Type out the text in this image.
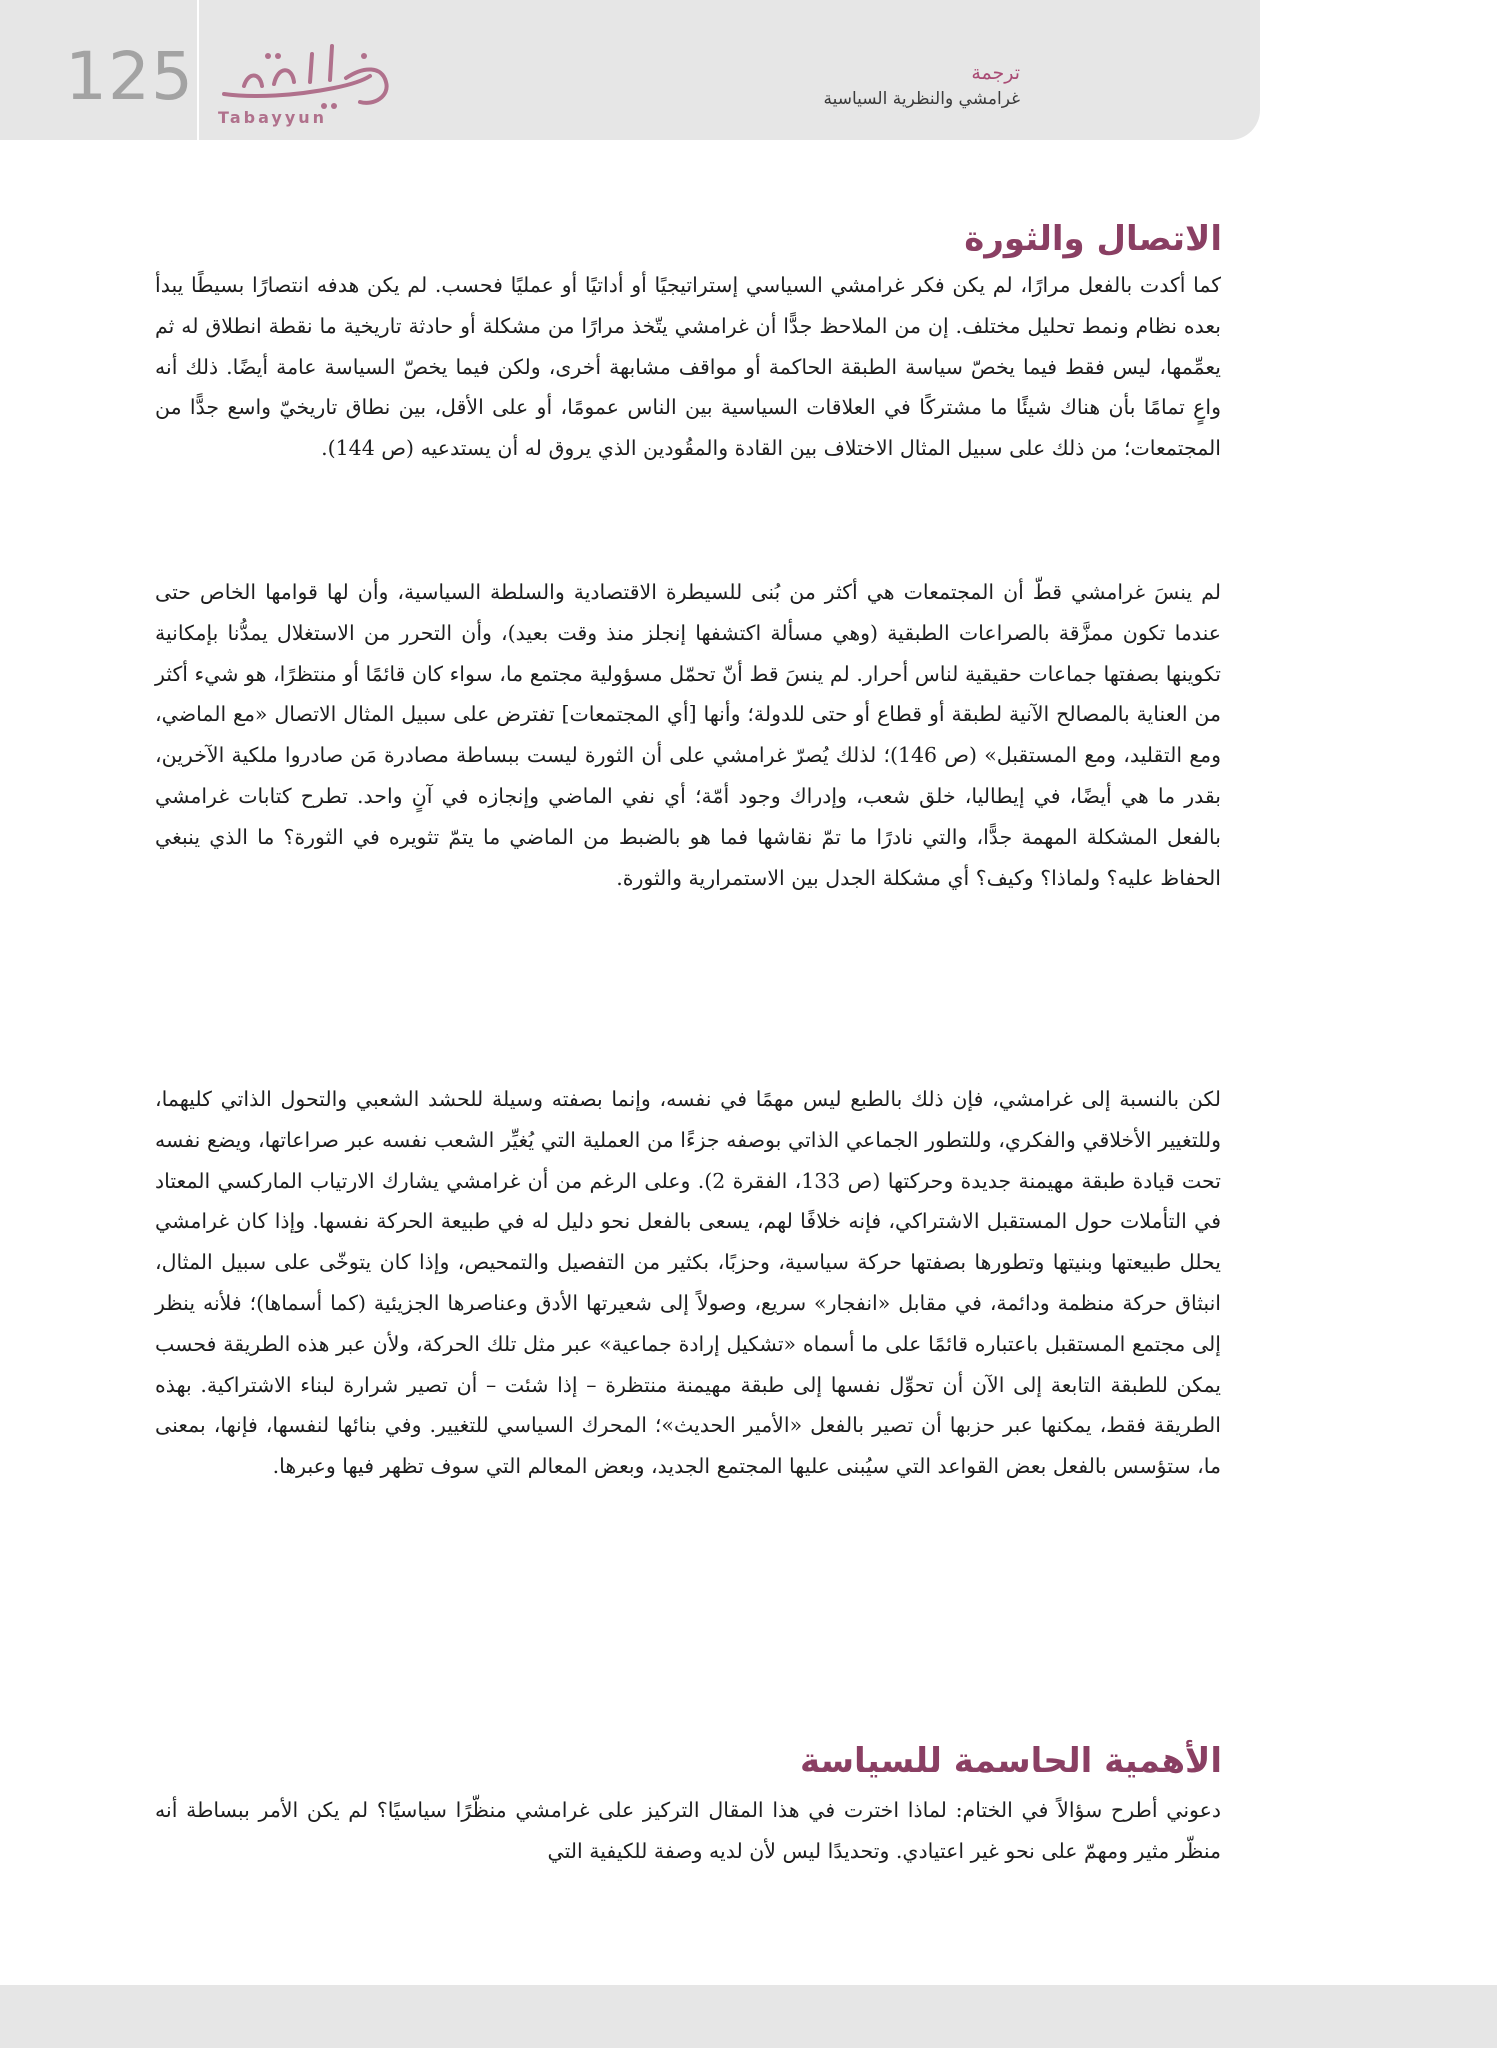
125
Tabayyun
ترجمة
غرامشي والنظرية السياسية
الاتصال والثورة

كما أكدت بالفعل مرارًا، لم يكن فكر غرامشي السياسي إستراتيجيًا أو أداتيًا أو عمليًا فحسب. لم يكن هدفه انتصارًا بسيطًا يبدأ بعده نظام ونمط تحليل مختلف. إن من الملاحظ جدًّا أن غرامشي يتّخذ مرارًا من مشكلة أو حادثة تاريخية ما نقطة انطلاق له ثم يعمِّمها، ليس فقط فيما يخصّ سياسة الطبقة الحاكمة أو مواقف مشابهة أخرى، ولكن فيما يخصّ السياسة عامة أيضًا. ذلك أنه واعٍ تمامًا بأن هناك شيئًا ما مشتركًا في العلاقات السياسية بين الناس عمومًا، أو على الأقل، بين نطاق تاريخيّ واسع جدًّا من المجتمعات؛ من ذلك على سبيل المثال الاختلاف بين القادة والمقُودين الذي يروق له أن يستدعيه (ص 144).

لم ينسَ غرامشي قطّ أن المجتمعات هي أكثر من بُنى للسيطرة الاقتصادية والسلطة السياسية، وأن لها قوامها الخاص حتى عندما تكون ممزَّقة بالصراعات الطبقية (وهي مسألة اكتشفها إنجلز منذ وقت بعيد)، وأن التحرر من الاستغلال يمدُّنا بإمكانية تكوينها بصفتها جماعات حقيقية لناس أحرار. لم ينسَ قط أنّ تحمّل مسؤولية مجتمع ما، سواء كان قائمًا أو منتظرًا، هو شيء أكثر من العناية بالمصالح الآنية لطبقة أو قطاع أو حتى للدولة؛ وأنها [أي المجتمعات] تفترض على سبيل المثال الاتصال «مع الماضي، ومع التقليد، ومع المستقبل» (ص 146)؛ لذلك يُصرّ غرامشي على أن الثورة ليست ببساطة مصادرة مَن صادروا ملكية الآخرين، بقدر ما هي أيضًا، في إيطاليا، خلق شعب، وإدراك وجود أمّة؛ أي نفي الماضي وإنجازه في آنٍ واحد. تطرح كتابات غرامشي بالفعل المشكلة المهمة جدًّا، والتي نادرًا ما تمّ نقاشها فما هو بالضبط من الماضي ما يتمّ تثويره في الثورة؟ ما الذي ينبغي الحفاظ عليه؟ ولماذا؟ وكيف؟ أي مشكلة الجدل بين الاستمرارية والثورة.

لكن بالنسبة إلى غرامشي، فإن ذلك بالطبع ليس مهمًا في نفسه، وإنما بصفته وسيلة للحشد الشعبي والتحول الذاتي كليهما، وللتغيير الأخلاقي والفكري، وللتطور الجماعي الذاتي بوصفه جزءًا من العملية التي يُغيِّر الشعب نفسه عبر صراعاتها، ويضع نفسه تحت قيادة طبقة مهيمنة جديدة وحركتها (ص 133، الفقرة 2). وعلى الرغم من أن غرامشي يشارك الارتياب الماركسي المعتاد في التأملات حول المستقبل الاشتراكي، فإنه خلافًا لهم، يسعى بالفعل نحو دليل له في طبيعة الحركة نفسها. وإذا كان غرامشي يحلل طبيعتها وبنيتها وتطورها بصفتها حركة سياسية، وحزبًا، بكثير من التفصيل والتمحيص، وإذا كان يتوخّى على سبيل المثال، انبثاق حركة منظمة ودائمة، في مقابل «انفجار» سريع، وصولاً إلى شعيرتها الأدق وعناصرها الجزيئية (كما أسماها)؛ فلأنه ينظر إلى مجتمع المستقبل باعتباره قائمًا على ما أسماه «تشكيل إرادة جماعية» عبر مثل تلك الحركة، ولأن عبر هذه الطريقة فحسب يمكن للطبقة التابعة إلى الآن أن تحوِّل نفسها إلى طبقة مهيمنة منتظرة – إذا شئت – أن تصير شرارة لبناء الاشتراكية. بهذه الطريقة فقط، يمكنها عبر حزبها أن تصير بالفعل «الأمير الحديث»؛ المحرك السياسي للتغيير. وفي بنائها لنفسها، فإنها، بمعنى ما، ستؤسس بالفعل بعض القواعد التي سيُبنى عليها المجتمع الجديد، وبعض المعالم التي سوف تظهر فيها وعبرها.

الأهمية الحاسمة للسياسة

دعوني أطرح سؤالاً في الختام: لماذا اخترت في هذا المقال التركيز على غرامشي منظّرًا سياسيًا؟ لم يكن الأمر ببساطة أنه منظّر مثير ومهمّ على نحو غير اعتيادي. وتحديدًا ليس لأن لديه وصفة للكيفية التي
